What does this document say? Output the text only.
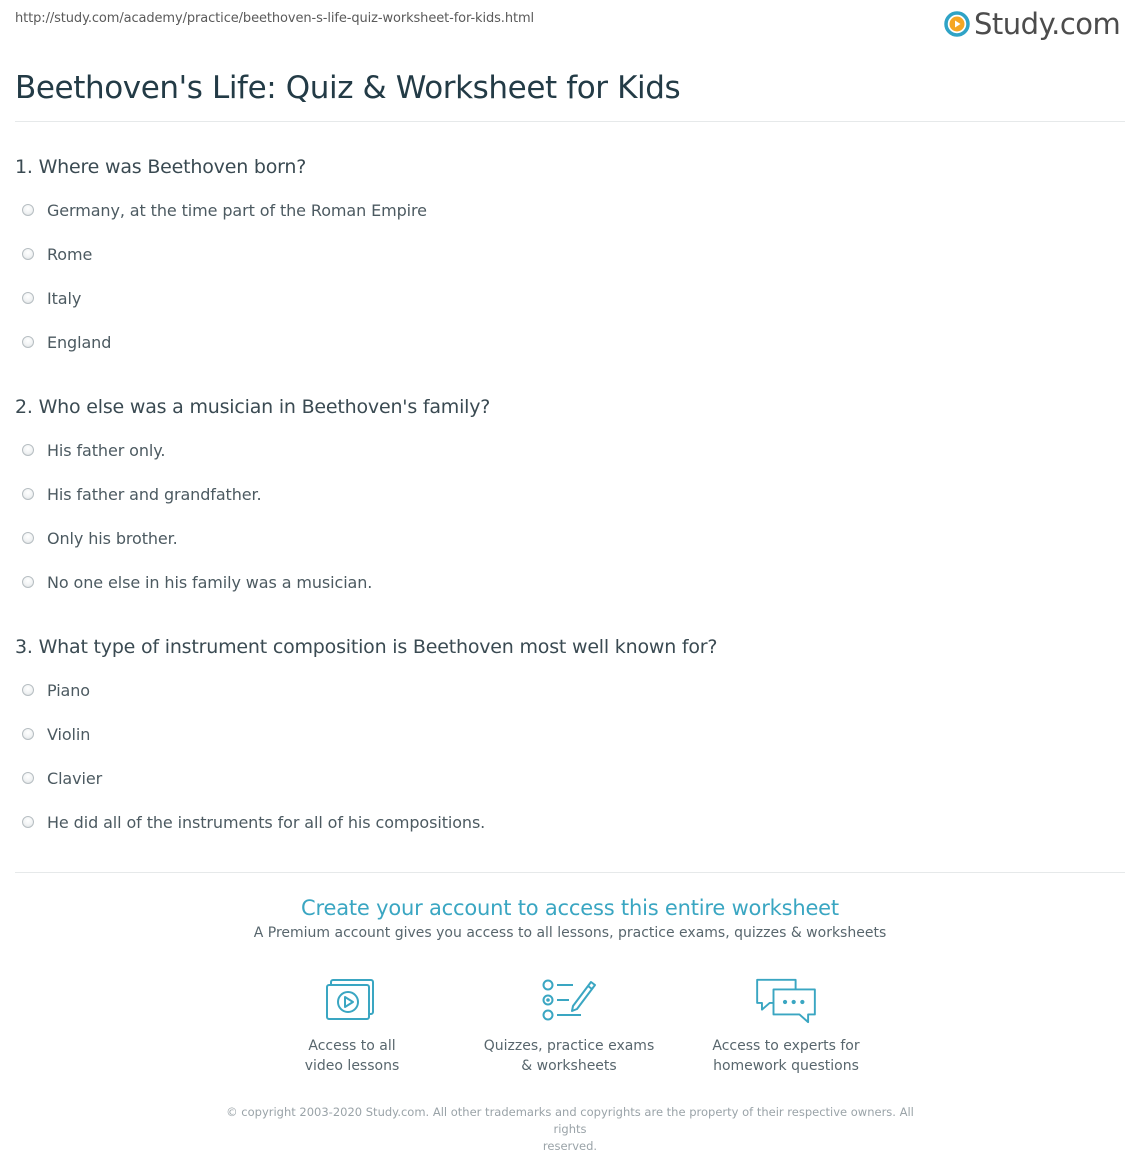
http://study.com/academy/practice/beethoven-s-life-quiz-worksheet-for-kids.html	Study.com
Beethoven's Life: Quiz & Worksheet for Kids
1. Where was Beethoven born?
Germany, at the time part of the Roman Empire
Rome
Italy
England
2. Who else was a musician in Beethoven's family?
His father only.
His father and grandfather.
Only his brother.
No one else in his family was a musician.
3. What type of instrument composition is Beethoven most well known for?
Piano
Violin
Clavier
He did all of the instruments for all of his compositions.
Create your account to access this entire worksheet
A Premium account gives you access to all lessons, practice exams, quizzes & worksheets
Access to all
video lessons
Quizzes, practice exams
& worksheets
Access to experts for
homework questions
© copyright 2003-2020 Study.com. All other trademarks and copyrights are the property of their respective owners. All rights
reserved.
